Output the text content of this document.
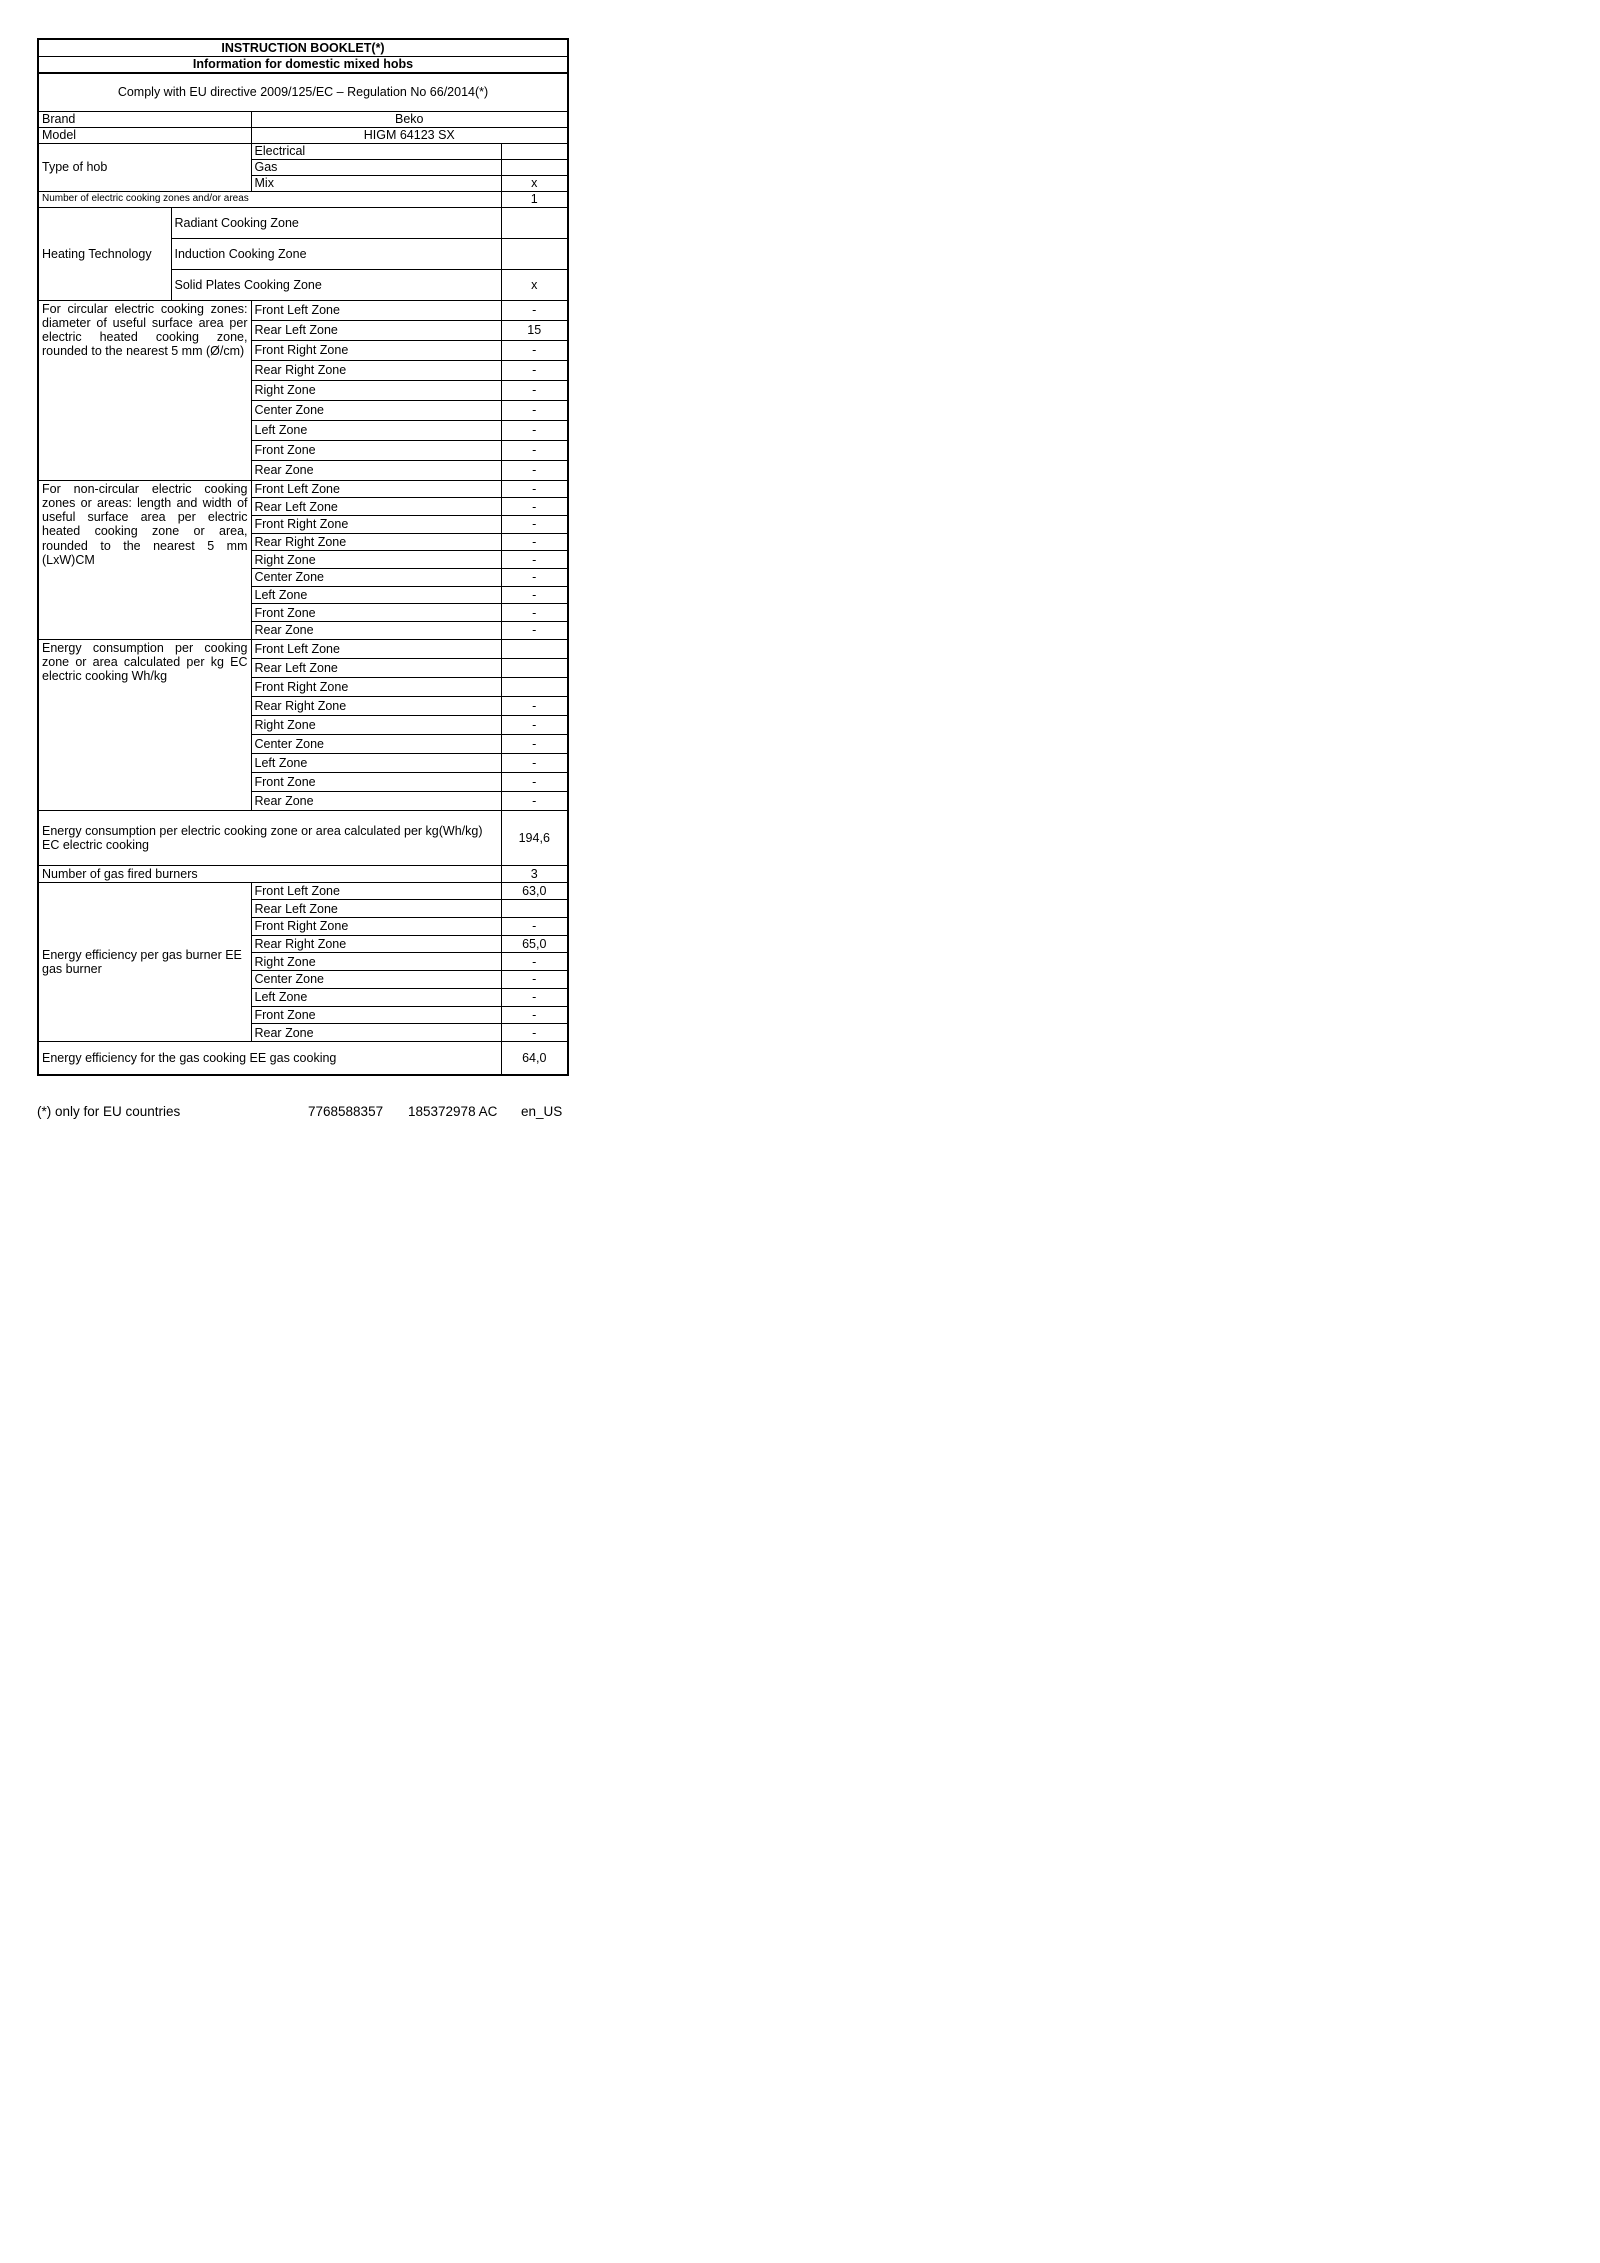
INSTRUCTION BOOKLET(*)			
Information for domestic mixed hobs			
Comply with EU directive 2009/125/EC – Regulation No 66/2014(*)			
Brand		Beko	
Model		HIGM 64123 SX	
Type of hob		Electrical	
		Gas	
		Mix	x
Number of electric cooking zones and/or areas			1
Heating Technology	Radiant Cooking Zone		
	Induction Cooking Zone		
	Solid Plates Cooking Zone		x
For circular electric cooking zones: diameter of useful surface area per electric heated cooking zone, rounded to the nearest 5 mm (Ø/cm)		Front Left Zone	-
		Rear Left Zone	15
		Front Right Zone	-
		Rear Right Zone	-
		Right Zone	-
		Center Zone	-
		Left Zone	-
		Front Zone	-
		Rear Zone	-
For non-circular electric cooking zones or areas: length and width of useful surface area per electric heated cooking zone or area, rounded to the nearest 5 mm (LxW)CM		Front Left Zone	-
		Rear Left Zone	-
		Front Right Zone	-
		Rear Right Zone	-
		Right Zone	-
		Center Zone	-
		Left Zone	-
		Front Zone	-
		Rear Zone	-
Energy consumption per cooking zone or area calculated per kg EC electric cooking Wh/kg		Front Left Zone	
		Rear Left Zone	
		Front Right Zone	
		Rear Right Zone	-
		Right Zone	-
		Center Zone	-
		Left Zone	-
		Front Zone	-
		Rear Zone	-
Energy consumption per electric cooking zone or area calculated per kg(Wh/kg) EC electric cooking			194,6
Number of gas fired burners			3
Energy efficiency per gas burner EE gas burner		Front Left Zone	63,0
		Rear Left Zone	
		Front Right Zone	-
		Rear Right Zone	65,0
		Right Zone	-
		Center Zone	-
		Left Zone	-
		Front Zone	-
		Rear Zone	-
Energy efficiency for the gas cooking EE gas cooking			64,0
(*) only for EU countries	7768588357 185372978 AC en_US
